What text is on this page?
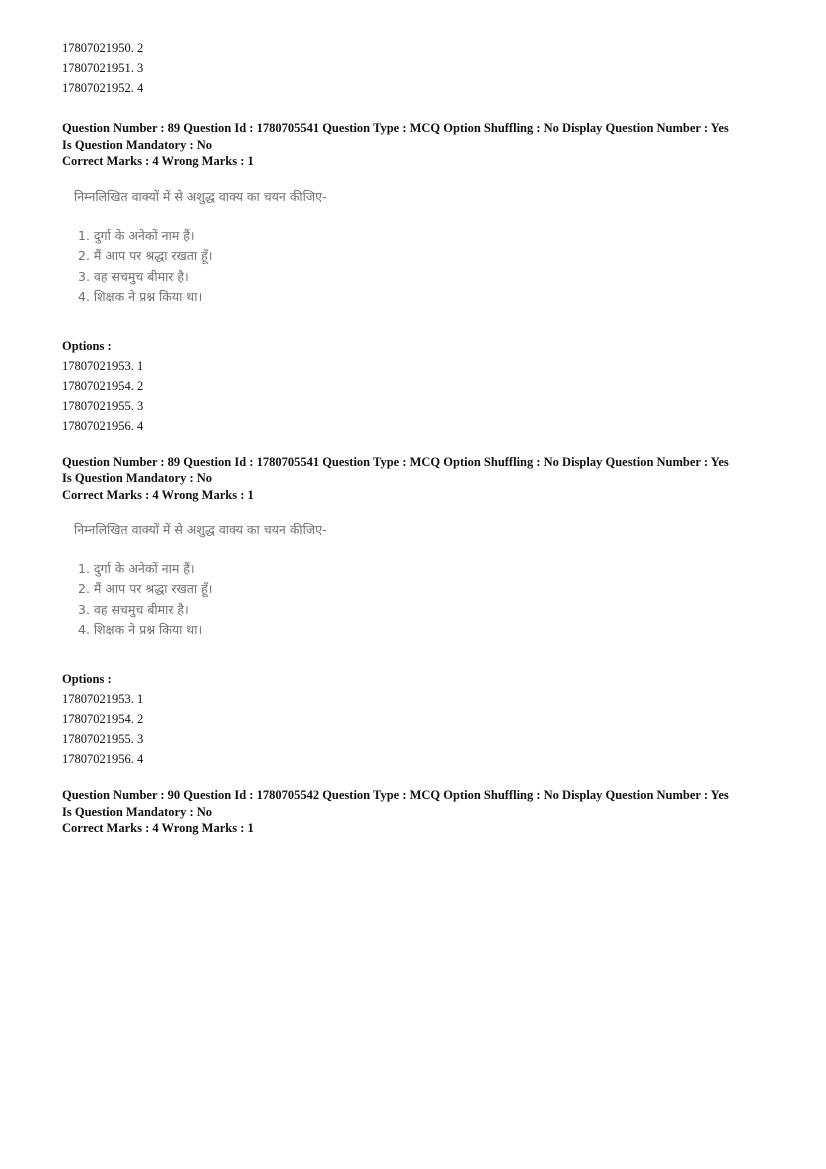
17807021950. 2
17807021951. 3
17807021952. 4
Question Number : 89 Question Id : 1780705541 Question Type : MCQ Option Shuffling : No Display Question Number : Yes
Is Question Mandatory : No
Correct Marks : 4 Wrong Marks : 1
निम्नलिखित वाक्यों में से अशुद्ध वाक्य का चयन कीजिए-
1. दुर्गा के अनेकों नाम हैं।
2. मैं आप पर श्रद्धा रखता हूँ।
3. वह सचमुच बीमार है।
4. शिक्षक ने प्रश्न किया था।
Options :
17807021953. 1
17807021954. 2
17807021955. 3
17807021956. 4
Question Number : 89 Question Id : 1780705541 Question Type : MCQ Option Shuffling : No Display Question Number : Yes
Is Question Mandatory : No
Correct Marks : 4 Wrong Marks : 1
निम्नलिखित वाक्यों में से अशुद्ध वाक्य का चयन कीजिए-
1. दुर्गा के अनेकों नाम हैं।
2. मैं आप पर श्रद्धा रखता हूँ।
3. वह सचमुच बीमार है।
4. शिक्षक ने प्रश्न किया था।
Options :
17807021953. 1
17807021954. 2
17807021955. 3
17807021956. 4
Question Number : 90 Question Id : 1780705542 Question Type : MCQ Option Shuffling : No Display Question Number : Yes
Is Question Mandatory : No
Correct Marks : 4 Wrong Marks : 1
